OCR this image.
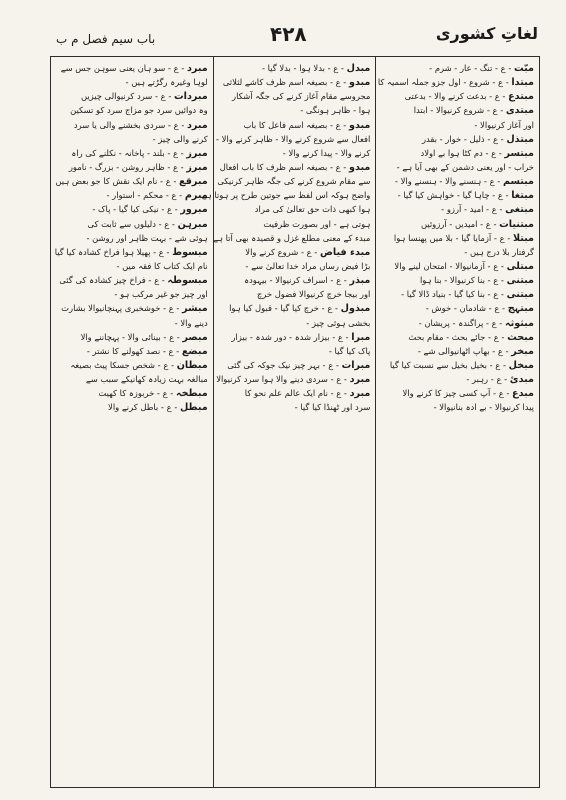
لغاتِ کشوری
۴۲۸
باب سیم فصل م ب
مبّت - ع - تنگ - عار - شرم -
مبتدا - ع - شروع - اول جزو جملہ اسمیہ کا
مبتدع - ع - بدعت کرنے والا - بدعتی
مبتدی - ع - شروع کرنیوالا - ابتدا
اور آغاز کرنیوالا -
مبتذل - ع - ذلیل - خوار - بقدر
مبتسر - ع - دم کٹا ہوا بے اولاد
خراب - اور یعنی دشمن کے بھی آیا ہے -
مبتسم - ع - ہنسنے والا - ہنسنے والا -
مبتغا - ع - چاہا گیا - خواہش کیا گیا -
مبتغی - ع - امید - آرزو -
مبتنیات - ع - امیدیں - آرزوئیں
مبتلا - ع - آزمایا گیا - بلا میں پھنسا ہوا
گرفتار بلا درج ہیں -
مبتلی - ع - آزمانیوالا - امتحان لینے والا
مبتنی - ع - بنا کرنیوالا - بنا ہوا
مبتنی - ع - بنا کیا گیا - بنیاد ڈالا گیا -
مبتہج - ع - شادمان - خوش -
مبثوثہ - ع - پراگندہ - پریشان -
مبحث - ع - جائے بحث - مقام بحث
مبخر - ع - بھاپ اٹھانیوالی شے -
مبخل - ع - بخیل بخیل سے نسبت کیا گیا
مبدئ - ع - رہبر -
مبدع - ع - آپ کسی چیز کا کرنے والا
پیدا کرنیوالا - بے ادہ بنانیوالا -
مبدل - ع - بدلا ہوا - بدلا گیا -
مبدو - ع - بصیغہ اسم ظرف کاشے لثلاثی
مجروسے مقام آغاز کرنے کی جگہ آشکار
ہوا - ظاہر ہونگی -
مبدو - ع - بصیغہ اسم فاعل کا باب
افعال سے شروع کرنے والا - ظاہر کرنے والا -
کرنے والا - پیدا کرنے والا -
مبدو - ع - بصیغہ اسم ظرف کا باب افعال
سے مقام شروع کرنے کی جگہ ظاہر کرنیکی
واضح ہوکہ اس لفظ سے جوتین طرح پر ہوتا ہے
ہوا کبھی ذات حق تعالیٰ کی مراد
ہوتی ہے - اور بصورت ظرفیت
مبدء کے معنی مطلع غزل و قصیدہ بھی آتا ہے
مبدء فیاض - ع - شروع کرنے والا
بڑا فیض رساں مراد خدا تعالیٰ سے -
مبذر - ع - اسراف کرنیوالا - بیہودہ
اور بیجا خرچ کرنیوالا فضول خرچ
مبذول - ع - خرچ کیا گیا - قبول کیا ہوا
بخشی ہوئی چیز -
مبرا - ع - بیزار شدہ - دور شدہ - بیزار
پاک کیا گیا -
مبرات - ع - بہر چیز نیک جوکہ کی گئی
مبرد - ع - سردی دینے والا ہوا سرد کرنیوالا
مبرد - ع - نام ایک عالم علم نحو کا
سرد اور ٹھنڈا کیا گیا -
مبرد - ع - سو ہان یعنی سوہن جس سے
لوہا وغیرہ رگڑتے ہیں -
مبردات - ع - سرد کرنیوالی چیزیں
وہ دوائیں سرد جو مزاج سرد کو تسکین
مبرد - ع - سردی بخشنے والی یا سرد
کرنے والی چیز -
مبرز - ع - بلند - پاخانہ - نکلنے کی راہ
مبرز - ع - ظاہر روشن - بزرگ - نامور
مبرقع - ع - نام ایک نقش کا جو بعض ہیں
مبرم - ع - محکم - استوار -
مبرور - ع - نیکی کیا گیا - پاک -
مبرہن - ع - دلیلوں سے ثابت کی
ہوئی شے - بہت ظاہر اور روشن -
مبسوط - ع - پھیلا ہوا فراخ کشادہ کیا گیا
نام ایک کتاب کا فقہ میں -
مبسوطہ - ع - فراخ چیز کشادہ کی گئی
اور چیز جو غیر مرکب ہو -
مبشر - ع - خوشخبری پہنچانیوالا بشارت
دینے والا -
مبصر - ع - بینائی والا - پہچاننے والا
مبضع - ع - نصد کھولنے کا نشتر -
مبطان - ع - شخص جسکا پیٹ بصیغہ
مبالغہ بہت زیادہ کھانیکے سبب سے
مبطخہ - ع - خربوزہ کا کھیت
مبطل - ع - باطل کرنے والا
